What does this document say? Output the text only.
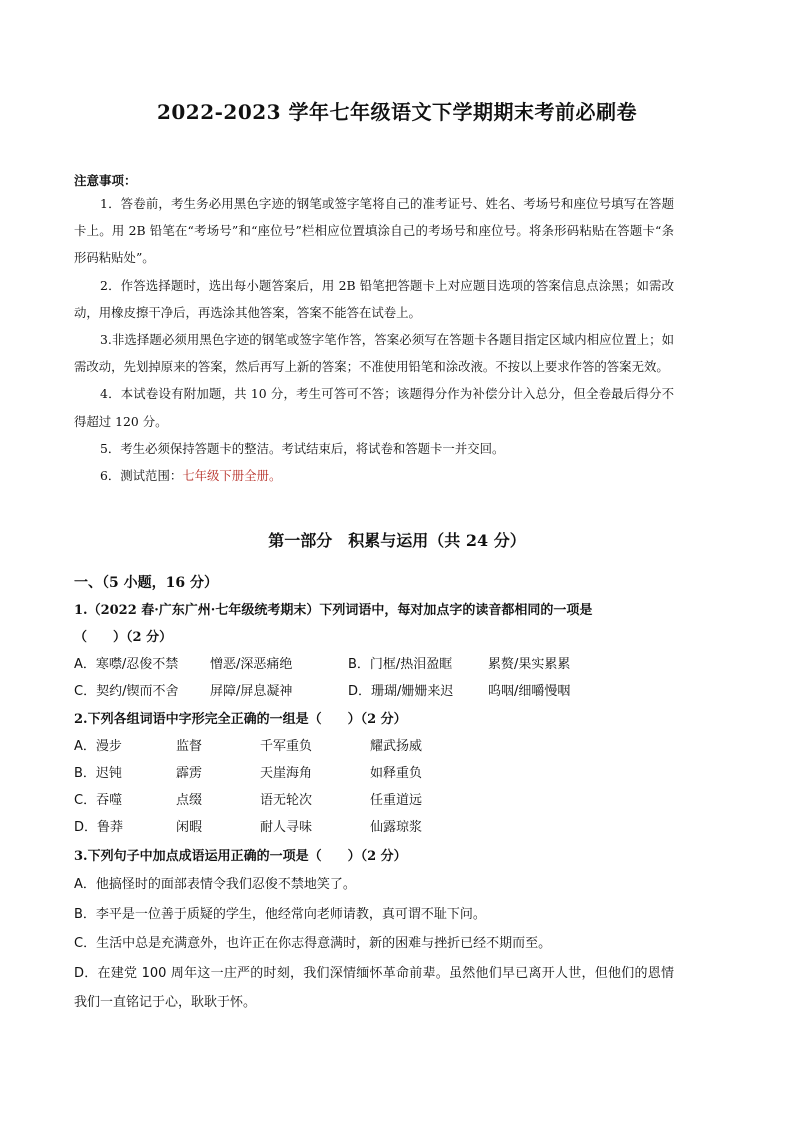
2022-2023 学年七年级语文下学期期末考前必刷卷
注意事项：

1．答卷前，考生务必用黑色字迹的钢笔或签字笔将自己的准考证号、姓名、考场号和座位号填写在答题卡上。用 2B 铅笔在“考场号”和“座位号”栏相应位置填涂自己的考场号和座位号。将条形码粘贴在答题卡“条形码粘贴处”。

2．作答选择题时，选出每小题答案后，用 2B 铅笔把答题卡上对应题目选项的答案信息点涂黑；如需改动，用橡皮擦干净后，再选涂其他答案，答案不能答在试卷上。

3.非选择题必须用黑色字迹的钢笔或签字笔作答，答案必须写在答题卡各题目指定区域内相应位置上；如需改动，先划掉原来的答案，然后再写上新的答案；不准使用铅笔和涂改液。不按以上要求作答的答案无效。

4．本试卷设有附加题，共 10 分，考生可答可不答；该题得分作为补偿分计入总分，但全卷最后得分不得超过 120 分。

5．考生必须保持答题卡的整洁。考试结束后，将试卷和答题卡一并交回。

6．测试范围：七年级下册全册。

第一部分　积累与运用（共 24 分）
一、（5 小题，16 分）
1.（2022 春·广东广州·七年级统考期末）下列词语中，每对加点字的读音都相同的一项是
（　　）（2 分）
A．寒噤/忍俊不禁 憎恶/深恶痛绝	B．门框/热泪盈眶	累赘/果实累累
C．契约/锲而不舍 屏障/屏息凝神	D．珊瑚/姗姗来迟	呜咽/细嚼慢咽
2.下列各组词语中字形完全正确的一组是（　　）（2 分）
A．漫步	监督	千军重负	耀武扬威
B．迟钝	霹雳	天崖海角	如释重负
C．吞噬	点缀	语无轮次	任重道远
D．鲁莽	闲暇	耐人寻味	仙露琼浆
3.下列句子中加点成语运用正确的一项是（　　）（2 分）
A．他搞怪时的面部表情令我们忍俊不禁地笑了。
B．李平是一位善于质疑的学生，他经常向老师请教，真可谓不耻下问。
C．生活中总是充满意外，也许正在你志得意满时，新的困难与挫折已经不期而至。
D．在建党 100 周年这一庄严的时刻，我们深情缅怀革命前辈。虽然他们早已离开人世，但他们的恩情我们一直铭记于心，耿耿于怀。
